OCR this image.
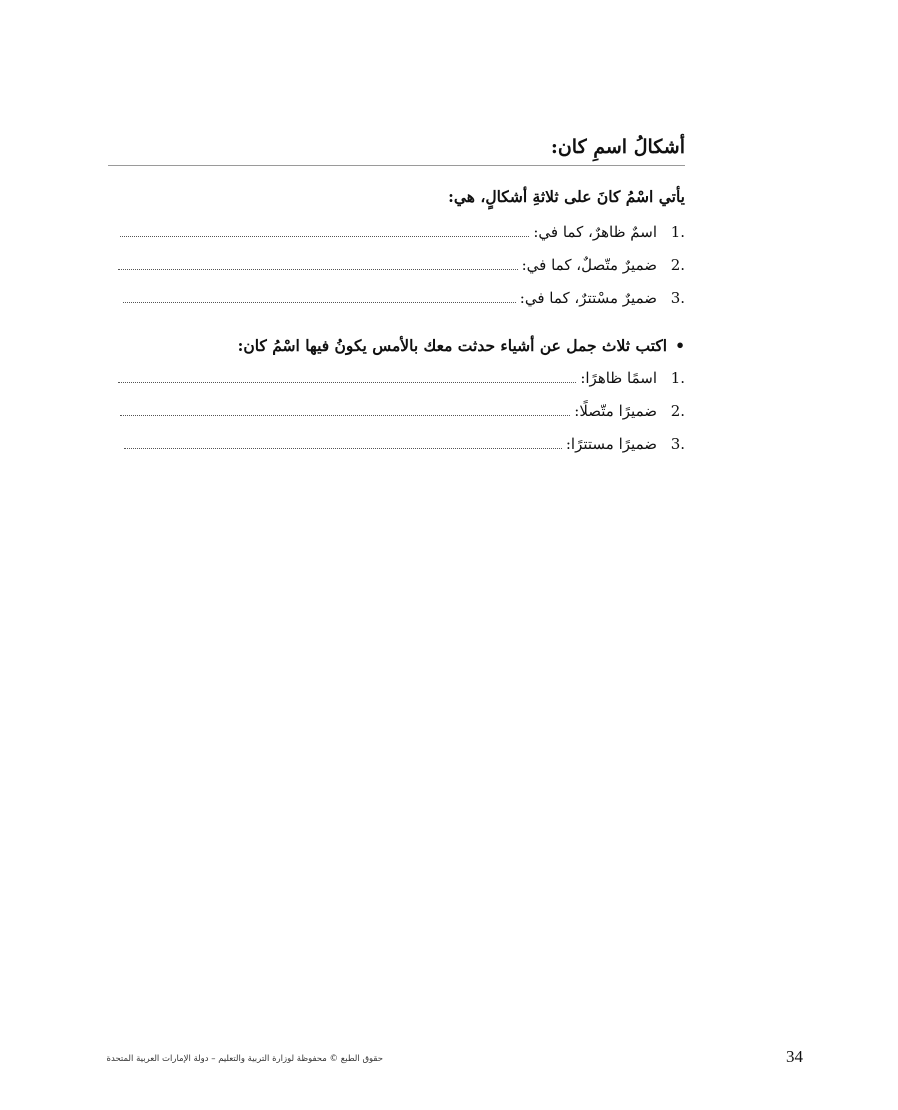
أشكالُ اسمِ كان:
يأتي اسْمُ كانَ على ثلاثةِ أشكالٍ، هي:
1.
اسمٌ ظاهرٌ، كما في:
2.
ضميرٌ متّصلٌ، كما في:
3.
ضميرٌ مسْتترٌ، كما في:
•اكتب ثلاث جمل عن أشياء حدثت معك بالأمس يكونُ فيها اسْمُ كان:
1.
اسمًا ظاهرًا:
2.
ضميرًا متّصلًا:
3.
ضميرًا مستترًا:
حقوق الطبع © محفوظة لوزارة التربية والتعليم – دولة الإمارات العربية المتحدة	34
